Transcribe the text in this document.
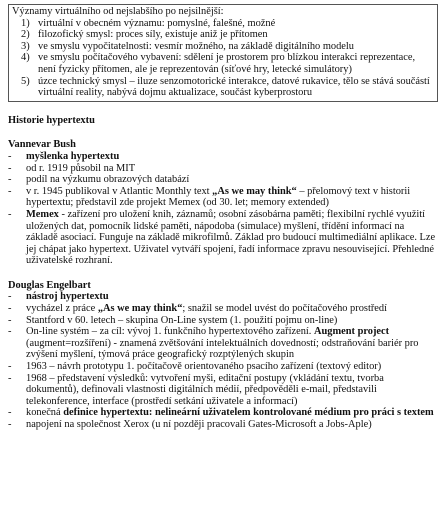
Významy virtuálního od nejslabšího po nejsilnější:
1) virtuální v obecném významu: pomyslné, falešné, možné
2) filozofický smysl: proces síly, existuje aniž je přítomen
3) ve smyslu vypočitatelnosti: vesmír možného, na základě digitálního modelu
4) ve smyslu počítačového vybavení: sdělení je prostorem pro blízkou interakci reprezentace, není fyzicky přítomen, ale je reprezentován (síťové hry, letecké simulátory)
5) úzce technický smysl – iluze senzomotorické interakce, datové rukavice, tělo se stává součástí virtuální reality, nabývá dojmu aktualizace, součást kyberprostoru
Historie hypertextu
Vannevar Bush
- myšlenka hypertextu
- od r. 1919 působil na MIT
- podíl na výzkumu obrazových databází
- v r. 1945 publikoval v Atlantic Monthly text „As we may think“ – přelomový text v historii hypertextu; představil zde projekt Memex (od 30. let; memory extended)
- Memex - zařízení pro uložení knih, záznamů; osobní zásobárna paměti; flexibilní rychlé využití uložených dat, pomocník lidské paměti, nápodoba (simulace) myšlení, třídění informací na základě asociací. Funguje na základě mikrofilmů. Základ pro budoucí multimediální aplikace. Lze jej chápat jako hypertext. Uživatel vytváří spojení, řadí informace zpravu nesouvisející. Přehledné uživatelské rozhraní.
Douglas Engelbart
- nástroj hypertextu
- vycházel z práce „As we may think“; snažil se model uvést do počítačového prostředí
- Stantford v 60. letech – skupina On-Line system (1. použití pojmu on-line)
- On-line systém – za cíl: vývoj 1. funkčního hypertextového zařízení. Augment project (augment=rozšíření) - znamená zvětšování intelektuálních dovedností; odstraňování bariér pro zvýšení myšlení, týmová práce geografický rozptýlených skupin
- 1963 – návrh prototypu 1. počítačově orientovaného psacího zařízení (textový editor)
- 1968 – představení výsledků: vytvoření myši, editační postupy (vkládání textu, tvorba dokumentů), definovali vlastnosti digitálních médií, předpověděli e-mail, představili telekonference, interface (prostředí setkání uživatele a informací)
- konečná definice hypertextu: nelineární uživatelem kontrolované médium pro práci s textem
- napojení na společnost Xerox (u ní později pracovali Gates-Microsoft a Jobs-Aple)
